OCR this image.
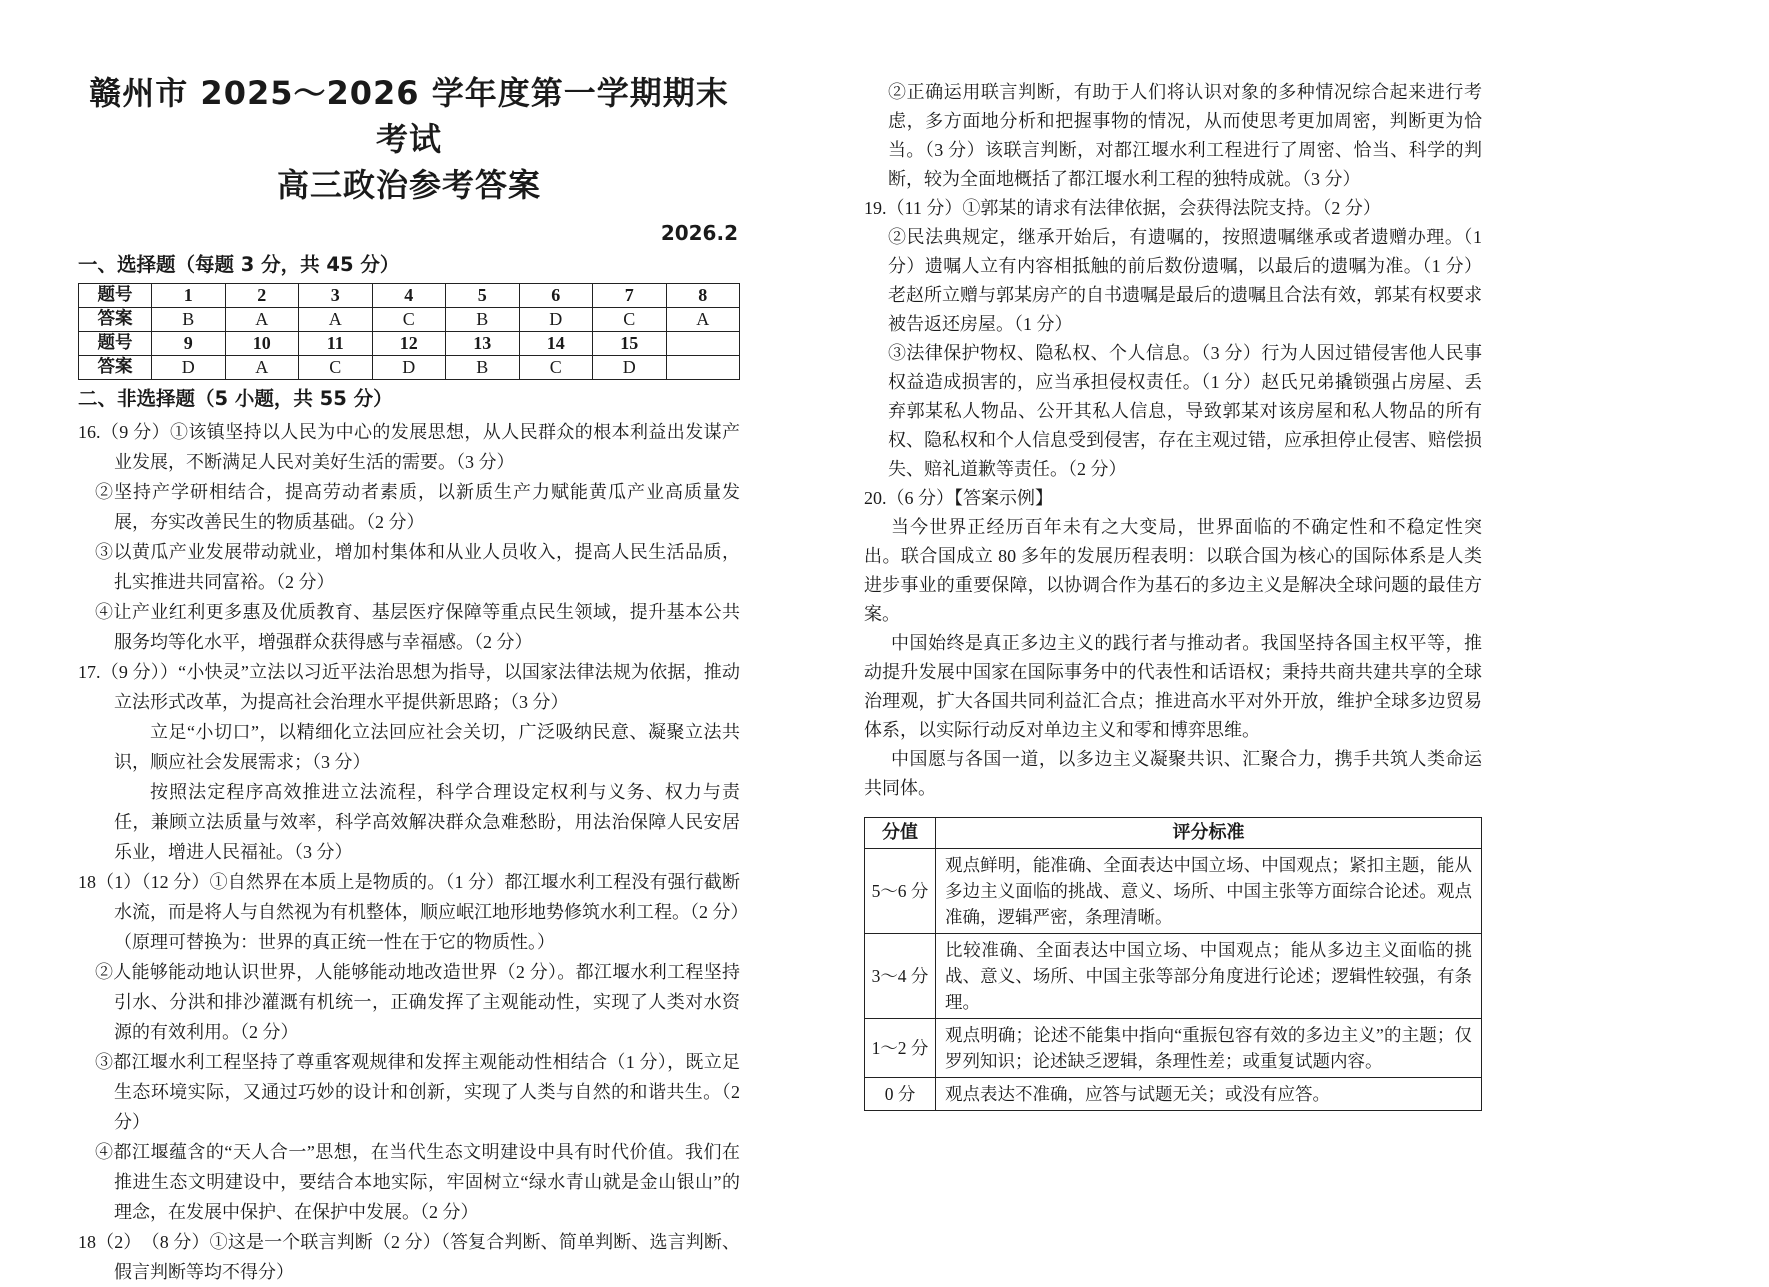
赣州市 2025～2026 学年度第一学期期末考试
高三政治参考答案
2026.2
一、选择题（每题 3 分，共 45 分）
题号	1	2	3	4	5	6	7	8
答案	B	A	A	C	B	D	C	A
题号	9	10	11	12	13	14	15	
答案	D	A	C	D	B	C	D	
二、非选择题（5 小题，共 55 分）

16.（9 分）①该镇坚持以人民为中心的发展思想，从人民群众的根本利益出发谋产业发展，不断满足人民对美好生活的需要。（3 分）

②坚持产学研相结合，提高劳动者素质，以新质生产力赋能黄瓜产业高质量发展，夯实改善民生的物质基础。（2 分）

③以黄瓜产业发展带动就业，增加村集体和从业人员收入，提高人民生活品质，扎实推进共同富裕。（2 分）

④让产业红利更多惠及优质教育、基层医疗保障等重点民生领域，提升基本公共服务均等化水平，增强群众获得感与幸福感。（2 分）

17.（9 分））“小快灵”立法以习近平法治思想为指导，以国家法律法规为依据，推动立法形式改革，为提高社会治理水平提供新思路；（3 分）

立足“小切口”，以精细化立法回应社会关切，广泛吸纳民意、凝聚立法共识，顺应社会发展需求；（3 分）

按照法定程序高效推进立法流程，科学合理设定权利与义务、权力与责任，兼顾立法质量与效率，科学高效解决群众急难愁盼，用法治保障人民安居乐业，增进人民福祉。（3 分）

18（1）（12 分）①自然界在本质上是物质的。（1 分）都江堰水利工程没有强行截断水流，而是将人与自然视为有机整体，顺应岷江地形地势修筑水利工程。（2 分）

（原理可替换为：世界的真正统一性在于它的物质性。）

②人能够能动地认识世界，人能够能动地改造世界（2 分）。都江堰水利工程坚持引水、分洪和排沙灌溉有机统一，正确发挥了主观能动性，实现了人类对水资源的有效利用。（2 分）

③都江堰水利工程坚持了尊重客观规律和发挥主观能动性相结合（1 分），既立足生态环境实际，又通过巧妙的设计和创新，实现了人类与自然的和谐共生。（2 分）

④都江堰蕴含的“天人合一”思想，在当代生态文明建设中具有时代价值。我们在推进生态文明建设中，要结合本地实际，牢固树立“绿水青山就是金山银山”的理念，在发展中保护、在保护中发展。（2 分）

18（2）　（8 分）①这是一个联言判断（2 分）（答复合判断、简单判断、选言判断、假言判断等均不得分）

②正确运用联言判断，有助于人们将认识对象的多种情况综合起来进行考虑，多方面地分析和把握事物的情况，从而使思考更加周密，判断更为恰当。（3 分）该联言判断，对都江堰水利工程进行了周密、恰当、科学的判断，较为全面地概括了都江堰水利工程的独特成就。（3 分）

19.（11 分）①郭某的请求有法律依据，会获得法院支持。（2 分）

②民法典规定，继承开始后，有遗嘱的，按照遗嘱继承或者遗赠办理。（1 分）遗嘱人立有内容相抵触的前后数份遗嘱，以最后的遗嘱为准。（1 分）老赵所立赠与郭某房产的自书遗嘱是最后的遗嘱且合法有效，郭某有权要求被告返还房屋。（1 分）

③法律保护物权、隐私权、个人信息。（3 分）行为人因过错侵害他人民事权益造成损害的，应当承担侵权责任。（1 分）赵氏兄弟撬锁强占房屋、丢弃郭某私人物品、公开其私人信息，导致郭某对该房屋和私人物品的所有权、隐私权和个人信息受到侵害，存在主观过错，应承担停止侵害、赔偿损失、赔礼道歉等责任。（2 分）

20.（6 分）【答案示例】

当今世界正经历百年未有之大变局，世界面临的不确定性和不稳定性突出。联合国成立 80 多年的发展历程表明：以联合国为核心的国际体系是人类进步事业的重要保障，以协调合作为基石的多边主义是解决全球问题的最佳方案。

中国始终是真正多边主义的践行者与推动者。我国坚持各国主权平等，推动提升发展中国家在国际事务中的代表性和话语权；秉持共商共建共享的全球治理观，扩大各国共同利益汇合点；推进高水平对外开放，维护全球多边贸易体系，以实际行动反对单边主义和零和博弈思维。

中国愿与各国一道，以多边主义凝聚共识、汇聚合力，携手共筑人类命运共同体。

分值	评分标准
5～6 分	观点鲜明，能准确、全面表达中国立场、中国观点；紧扣主题，能从多边主义面临的挑战、意义、场所、中国主张等方面综合论述。观点准确，逻辑严密，条理清晰。
3～4 分	比较准确、全面表达中国立场、中国观点；能从多边主义面临的挑战、意义、场所、中国主张等部分角度进行论述；逻辑性较强，有条理。
1～2 分	观点明确；论述不能集中指向“重振包容有效的多边主义”的主题；仅罗列知识；论述缺乏逻辑，条理性差；或重复试题内容。
0 分	观点表达不准确，应答与试题无关；或没有应答。
